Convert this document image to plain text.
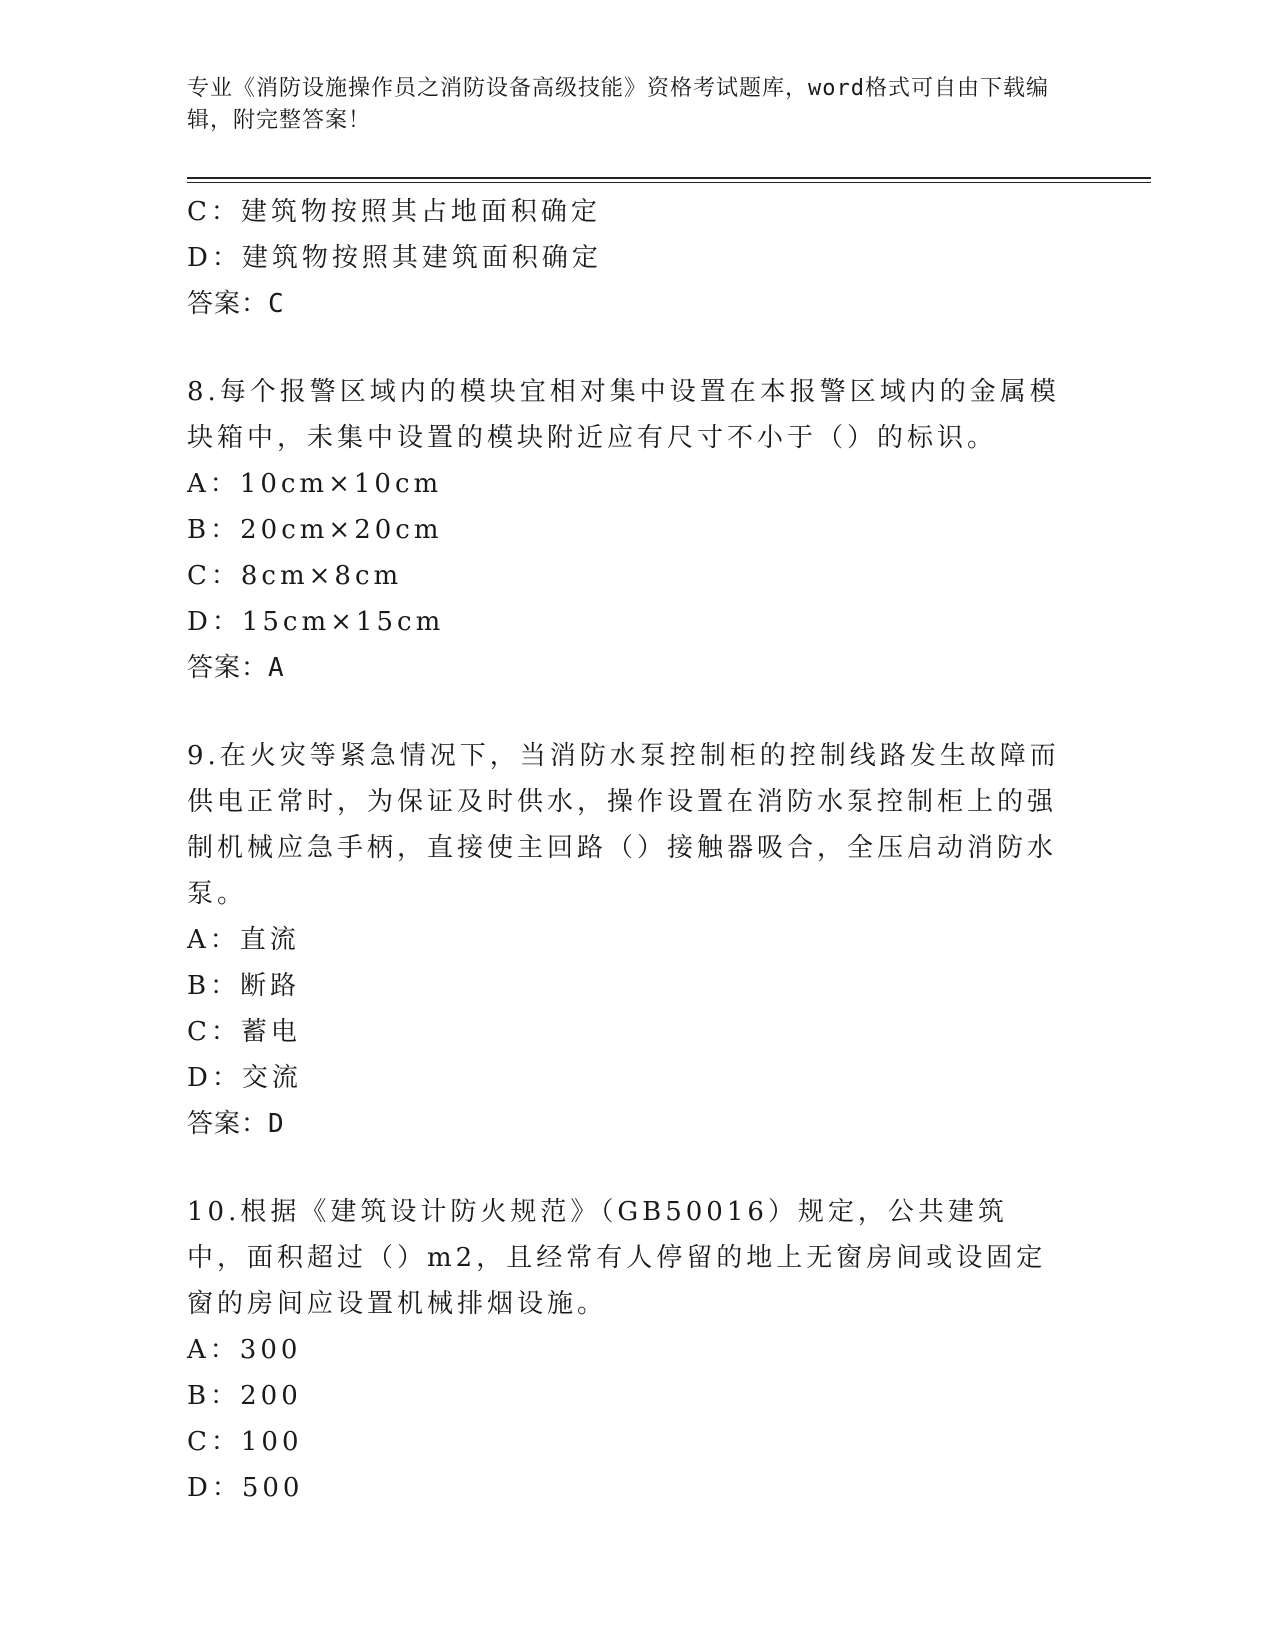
专业《消防设施操作员之消防设备高级技能》资格考试题库，word格式可自由下载编辑，附完整答案！
C：建筑物按照其占地面积确定
D：建筑物按照其建筑面积确定
答案：C
8.每个报警区域内的模块宜相对集中设置在本报警区域内的金属模块箱中，未集中设置的模块附近应有尺寸不小于（）的标识。
A：10cm×10cm
B：20cm×20cm
C：8cm×8cm
D：15cm×15cm
答案：A
9.在火灾等紧急情况下，当消防水泵控制柜的控制线路发生故障而供电正常时，为保证及时供水，操作设置在消防水泵控制柜上的强制机械应急手柄，直接使主回路（）接触器吸合，全压启动消防水泵。
A：直流
B：断路
C：蓄电
D：交流
答案：D
10.根据《建筑设计防火规范》（GB50016）规定，公共建筑中，面积超过（）m2，且经常有人停留的地上无窗房间或设固定窗的房间应设置机械排烟设施。
A：300
B：200
C：100
D：500
